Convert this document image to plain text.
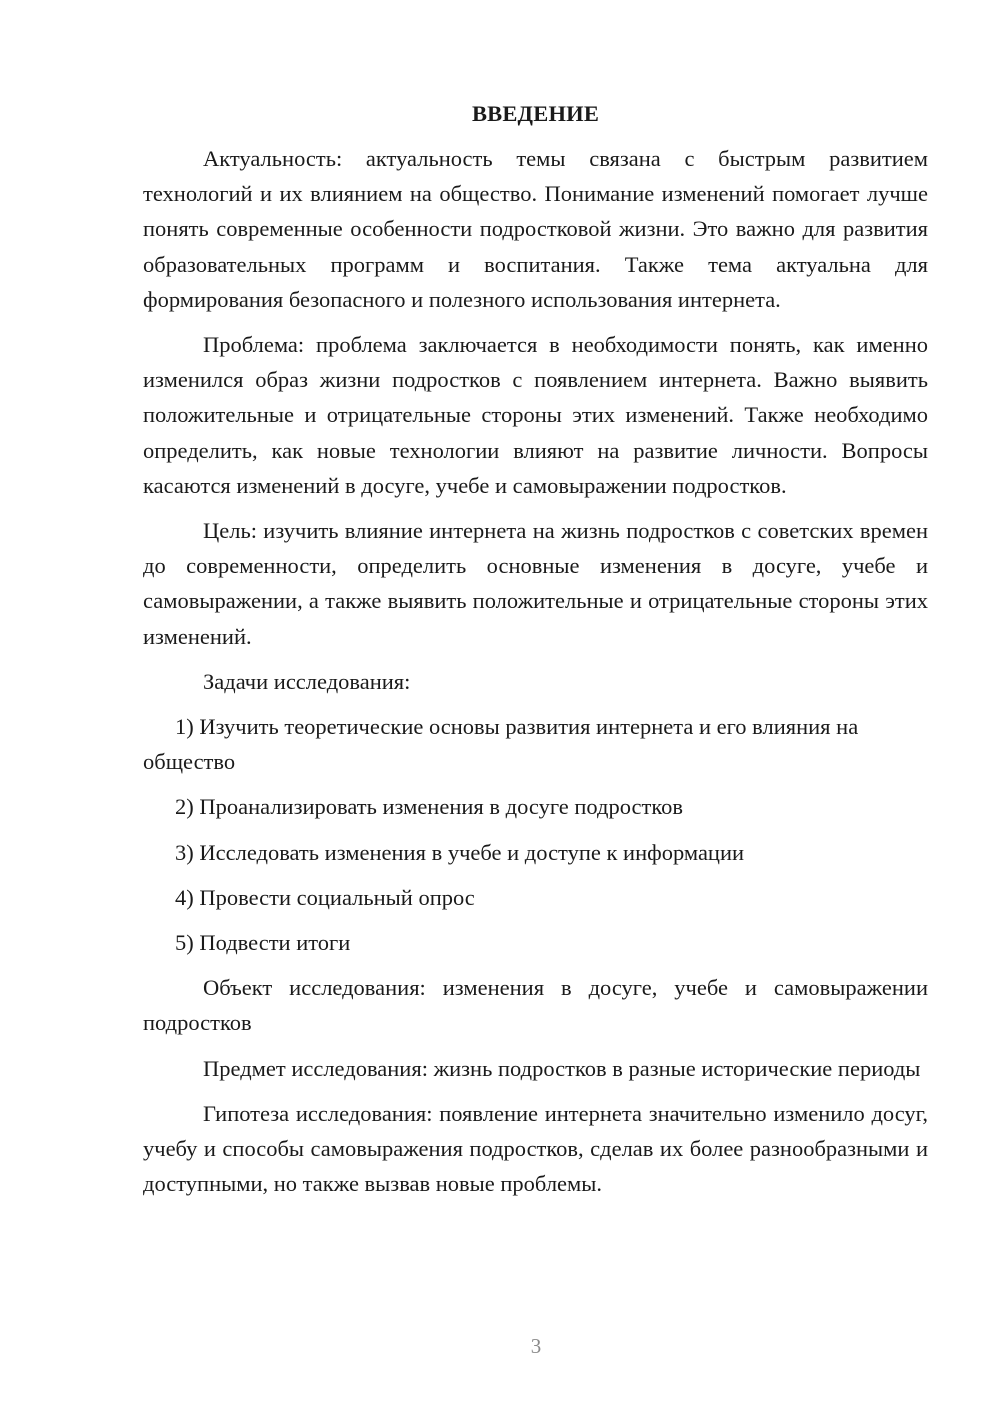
ВВЕДЕНИЕ

Актуальность: актуальность темы связана с быстрым развитием технологий и их влиянием на общество. Понимание изменений помогает лучше понять современные особенности подростковой жизни. Это важно для развития образовательных программ и воспитания. Также тема актуальна для формирования безопасного и полезного использования интернета.

Проблема: проблема заключается в необходимости понять, как именно изменился образ жизни подростков с появлением интернета. Важно выявить положительные и отрицательные стороны этих изменений. Также необходимо определить, как новые технологии влияют на развитие личности. Вопросы касаются изменений в досуге, учебе и самовыражении подростков.

Цель: изучить влияние интернета на жизнь подростков с советских времен до современности, определить основные изменения в досуге, учебе и самовыражении, а также выявить положительные и отрицательные стороны этих изменений.

Задачи исследования:

1) Изучить теоретические основы развития интернета и его влияния на общество

2) Проанализировать изменения в досуге подростков

3) Исследовать изменения в учебе и доступе к информации

4) Провести социальный опрос

5) Подвести итоги

Объект исследования: изменения в досуге, учебе и самовыражении подростков

Предмет исследования: жизнь подростков в разные исторические периоды

Гипотеза исследования: появление интернета значительно изменило досуг, учебу и способы самовыражения подростков, сделав их более разнообразными и доступными, но также вызвав новые проблемы.

3
